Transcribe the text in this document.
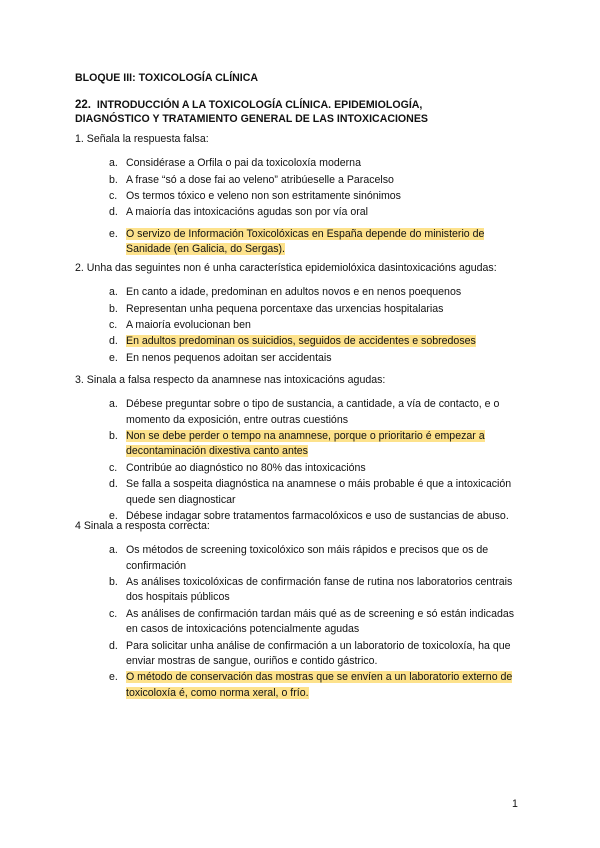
BLOQUE III: TOXICOLOGÍA CLÍNICA
22. INTRODUCCIÓN A LA TOXICOLOGÍA CLÍNICA. EPIDEMIOLOGÍA,
DIAGNÓSTICO Y TRATAMIENTO GENERAL DE LAS INTOXICACIONES
1. Señala la respuesta falsa:
a. Considérase a Orfila o pai da toxicoloxía moderna
b. A frase “só a dose fai ao veleno” atribúeselle a Paracelso
c. Os termos tóxico e veleno non son estritamente sinónimos
d. A maioría das intoxicacións agudas son por vía oral
e. O servizo de Información Toxicolóxicas en España depende do ministerio de Sanidade (en Galicia, do Sergas).
2. Unha das seguintes non é unha característica epidemiolóxica dasintoxicacións agudas:
a. En canto a idade, predominan en adultos novos e en nenos poequenos
b. Representan unha pequena porcentaxe das urxencias hospitalarias
c. A maioría evolucionan ben
d. En adultos predominan os suicidios, seguidos de accidentes e sobredoses
e. En nenos pequenos adoitan ser accidentais
3. Sinala a falsa respecto da anamnese nas intoxicacións agudas:
a. Débese preguntar sobre o tipo de sustancia, a cantidade, a vía de contacto, e o momento da exposición, entre outras cuestións
b. Non se debe perder o tempo na anamnese, porque o prioritario é empezar a decontaminación dixestiva canto antes
c. Contribúe ao diagnóstico no 80% das intoxicacións
d. Se falla a sospeita diagnóstica na anamnese o máis probable é que a intoxicación quede sen diagnosticar
e. Débese indagar sobre tratamentos farmacolóxicos e uso de sustancias de abuso.
4 Sinala a resposta correcta:
a. Os métodos de screening toxicolóxico son máis rápidos e precisos que os de confirmación
b. As análises toxicolóxicas de confirmación fanse de rutina nos laboratorios centrais dos hospitais públicos
c. As análises de confirmación tardan máis qué as de screening e só están indicadas en casos de intoxicacións potencialmente agudas
d. Para solicitar unha análise de confirmación a un laboratorio de toxicoloxía, ha que enviar mostras de sangue, ouriños e contido gástrico.
e. O método de conservación das mostras que se envíen a un laboratorio externo de toxicoloxía é, como norma xeral, o frío.
1
